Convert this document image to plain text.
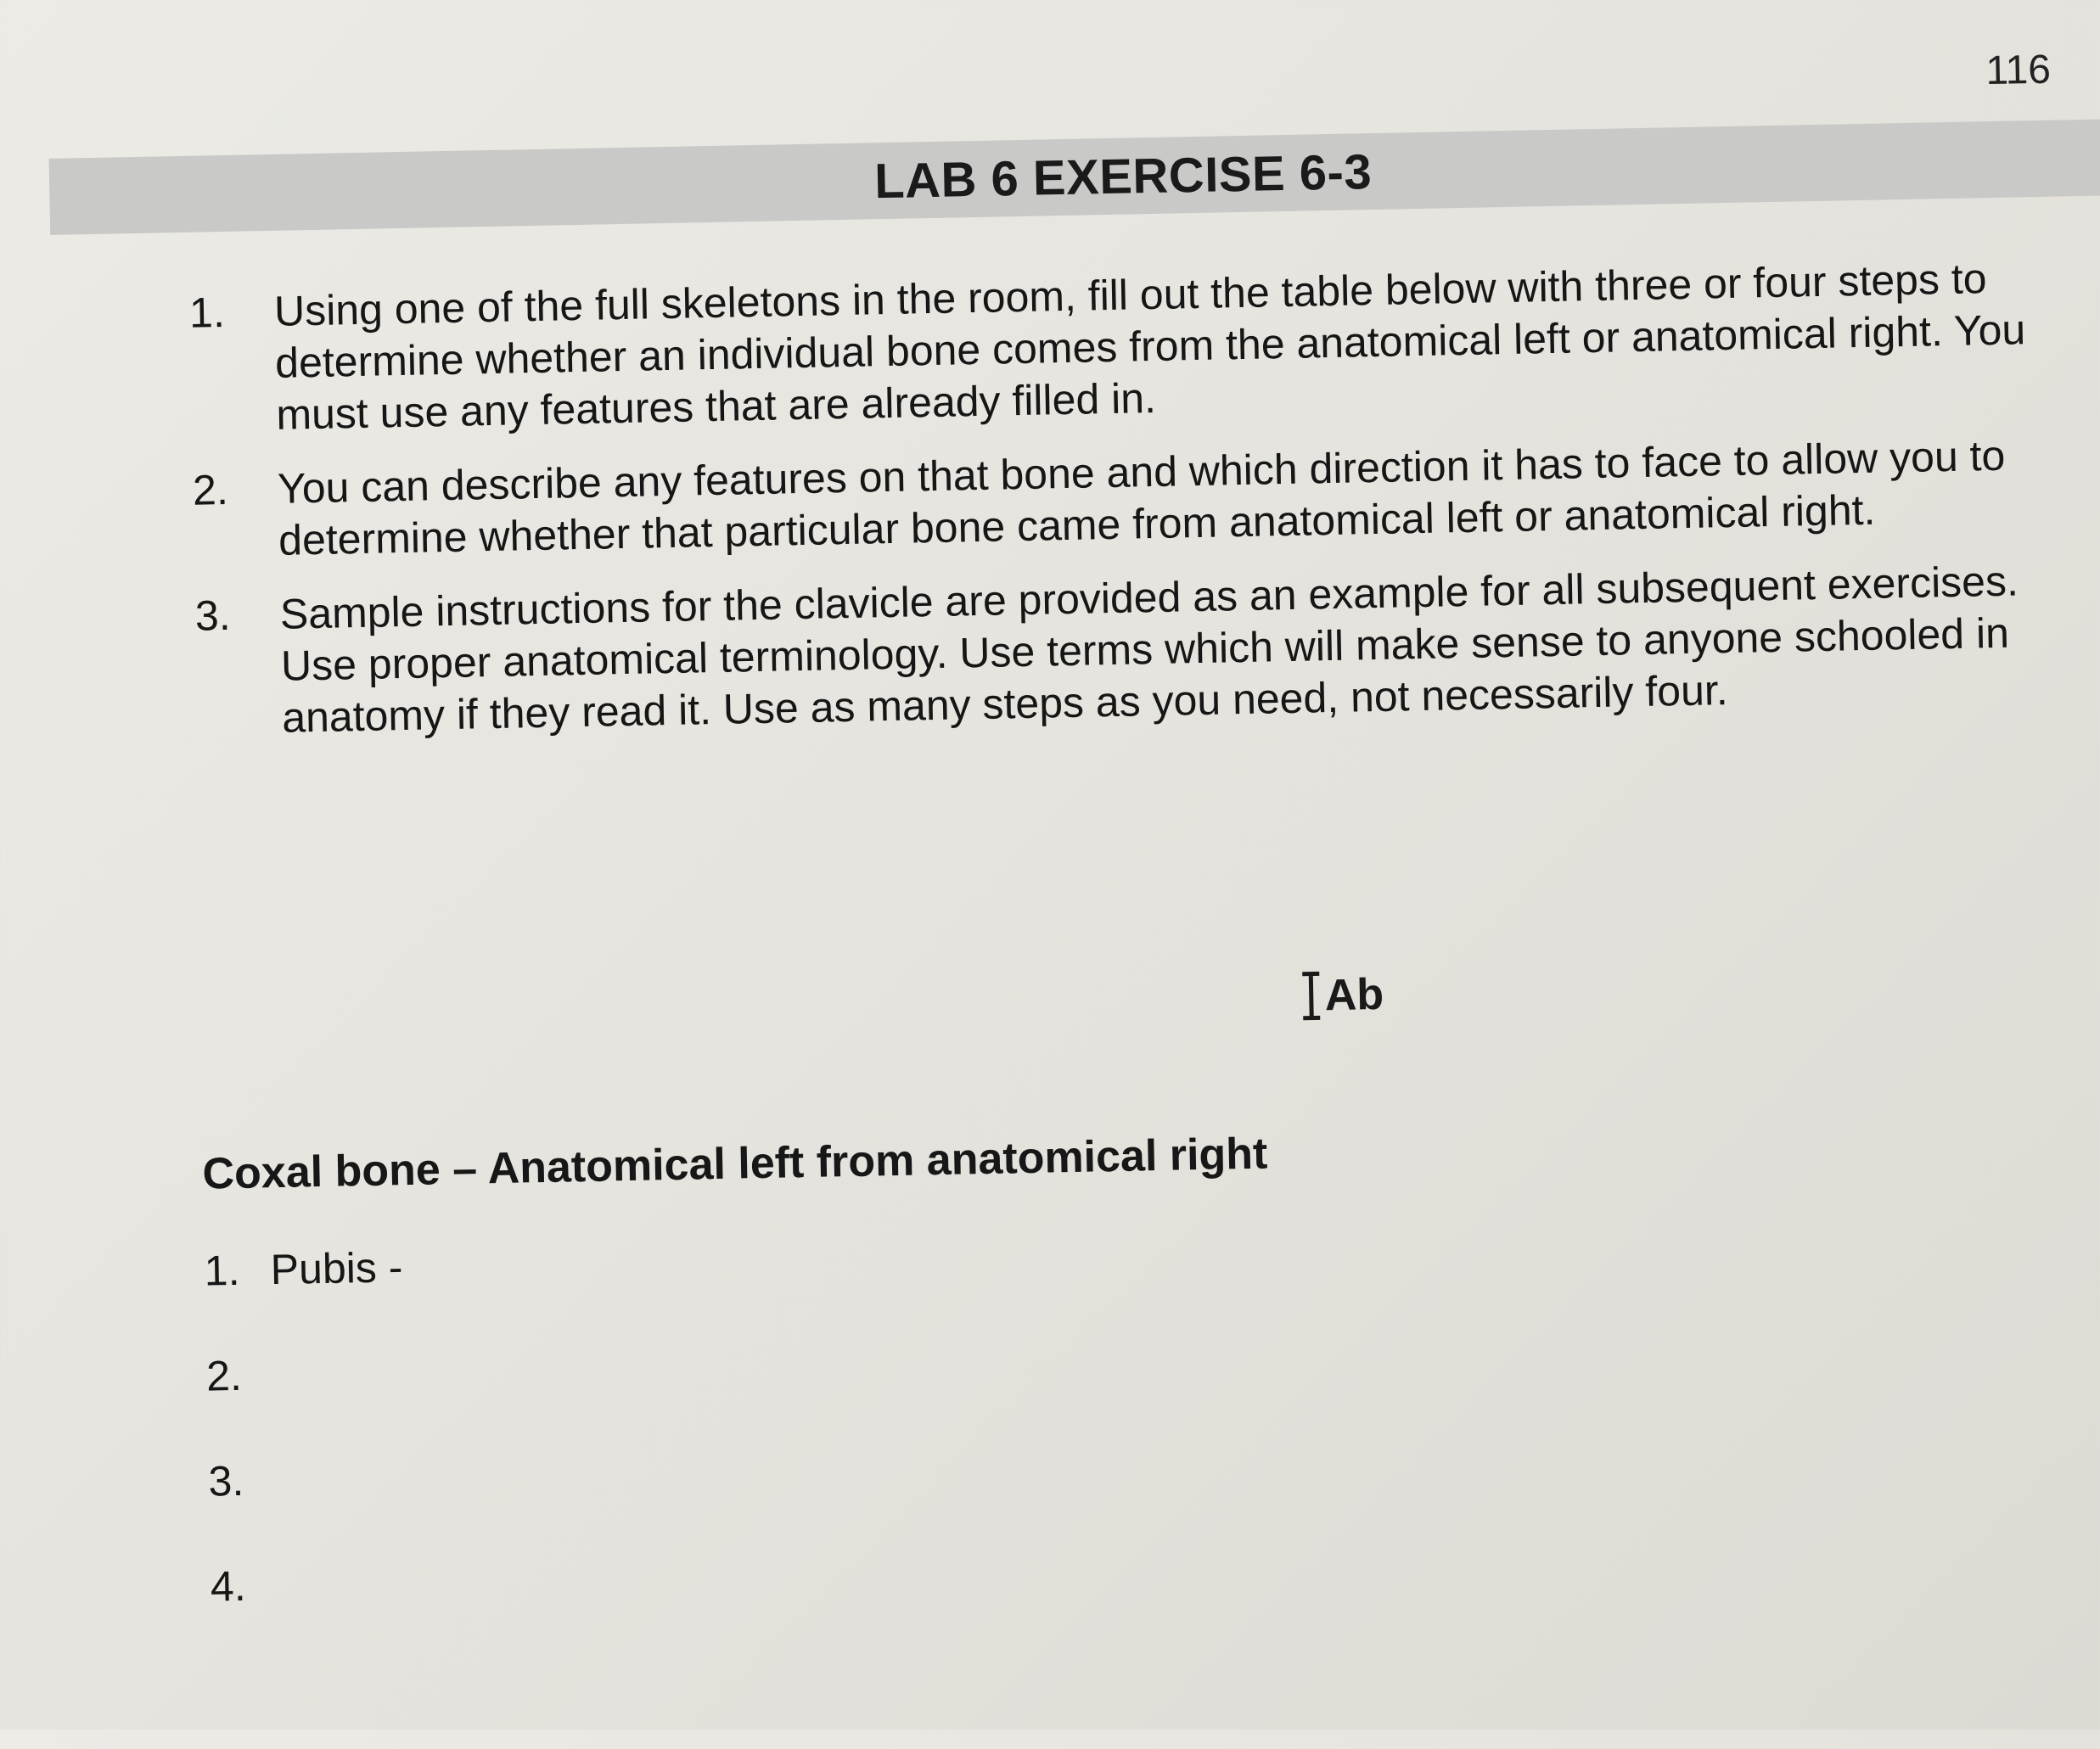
116
LAB 6 EXERCISE 6-3
1.	Using one of the full skeletons in the room, fill out the table below with three or four steps to determine whether an individual bone comes from the anatomical left or anatomical right. You must use any features that are already filled in.
2.	You can describe any features on that bone and which direction it has to face to allow you to determine whether that particular bone came from anatomical left or anatomical right.
3.	Sample instructions for the clavicle are provided as an example for all subsequent exercises. Use proper anatomical terminology. Use terms which will make sense to anyone schooled in anatomy if they read it. Use as many steps as you need, not necessarily four.
Ab
Coxal bone – Anatomical left from anatomical right
1. Pubis -
2.
3.
4.
